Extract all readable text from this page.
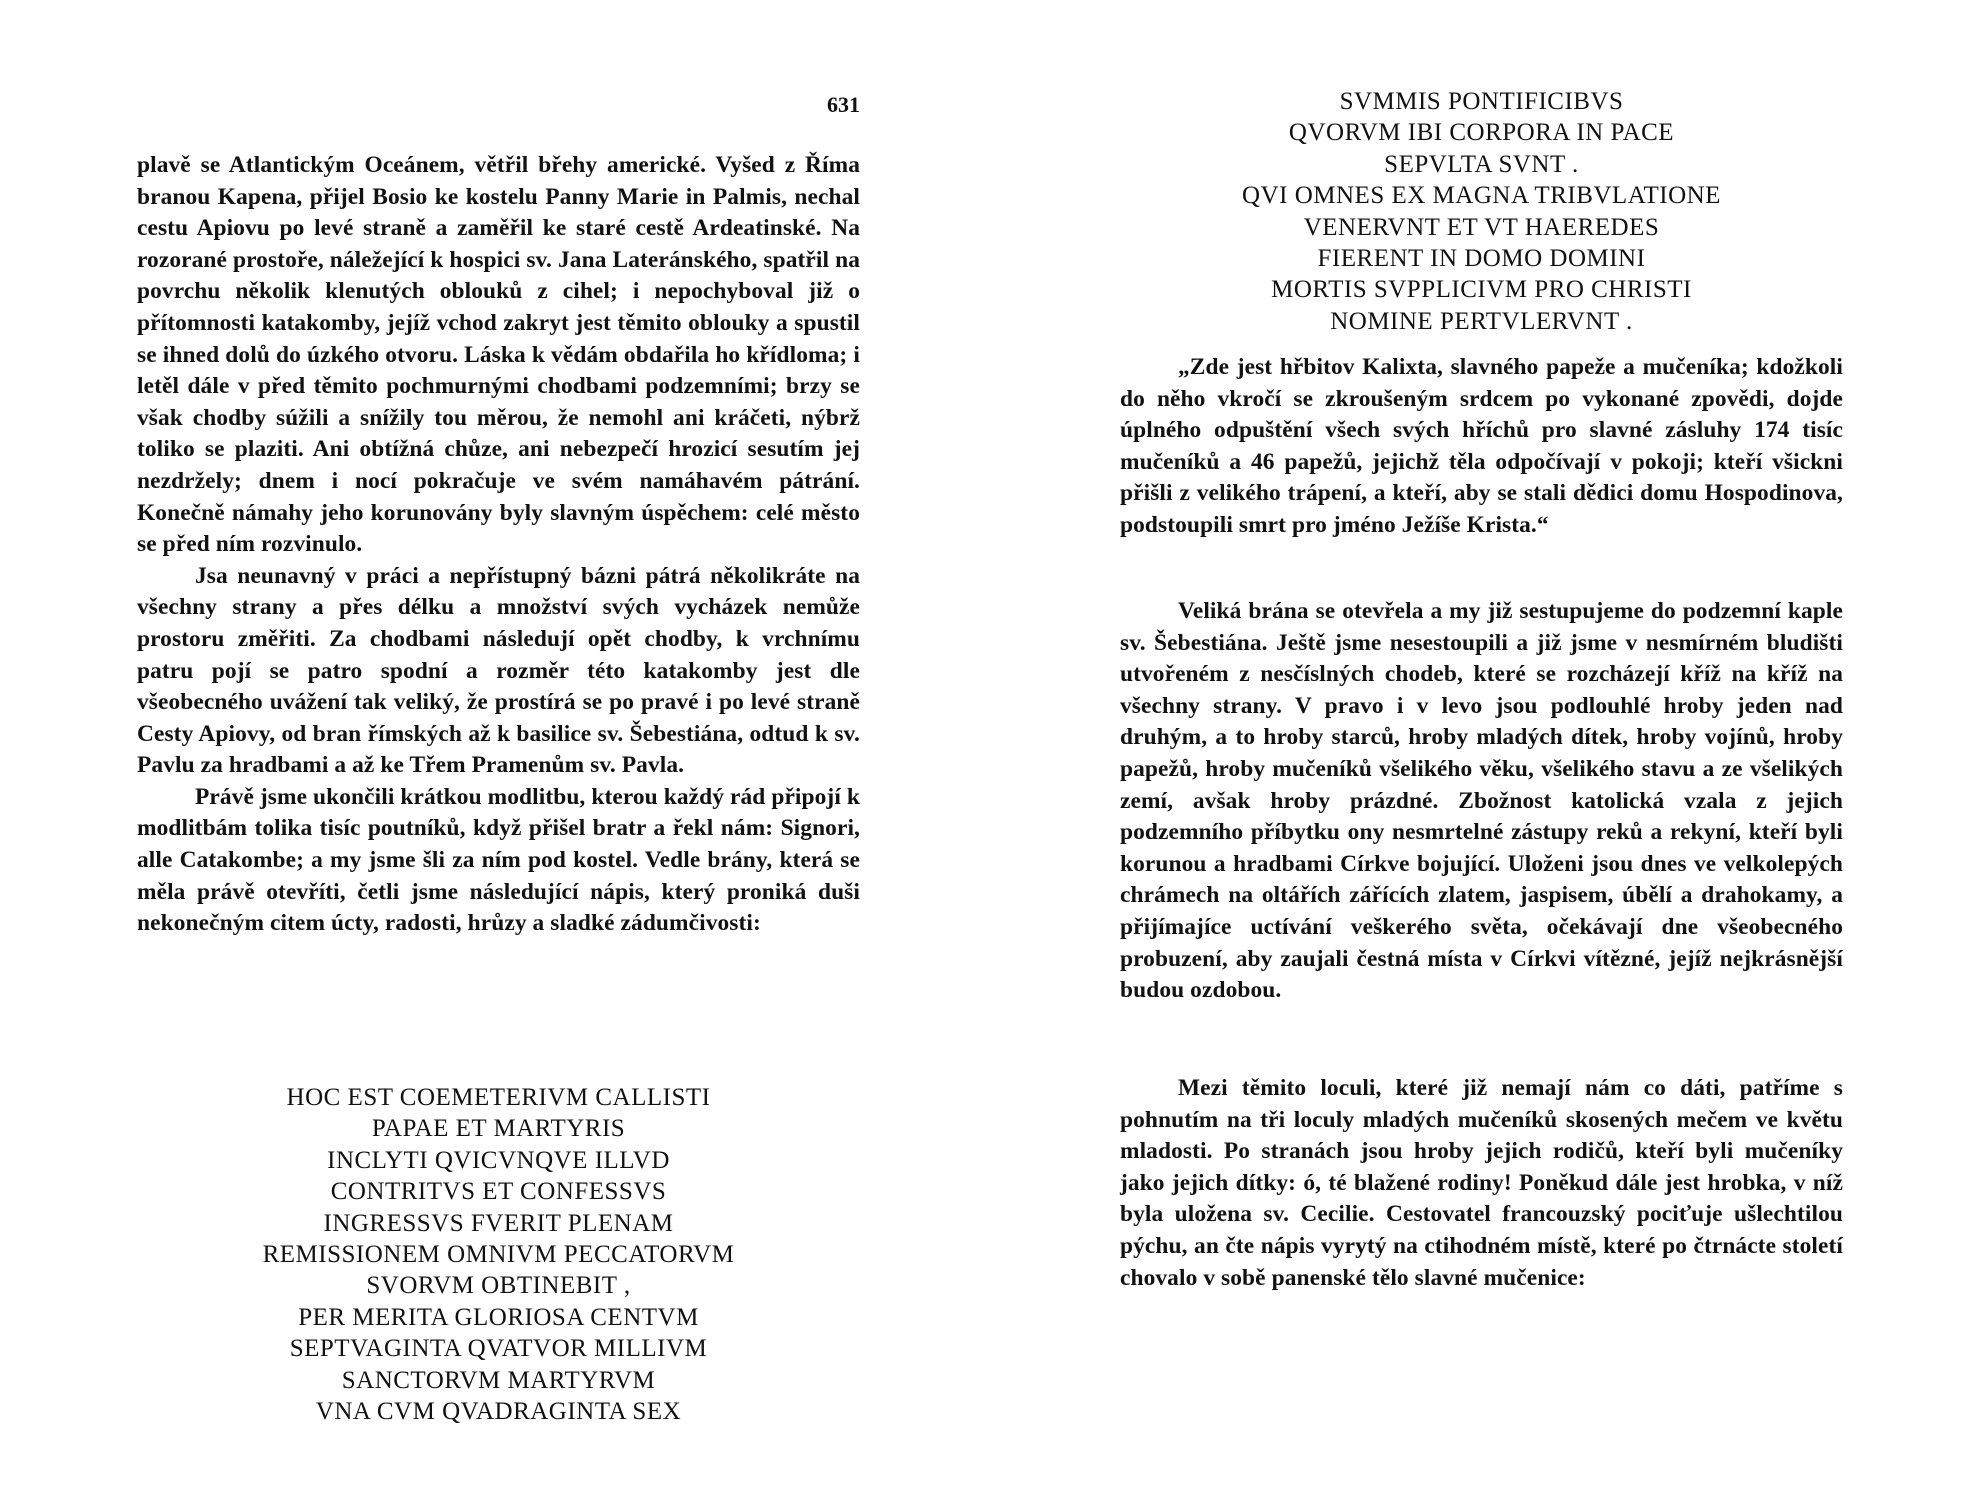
631

plavě se Atlantickým Oceánem, větřil břehy americké. Vyšed z Říma branou Kapena, přijel Bosio ke kostelu Panny Marie in Palmis, nechal cestu Apiovu po levé straně a zaměřil ke staré cestě Ardeatinské. Na rozorané prostoře, náležející k hospici sv. Jana Lateránského, spatřil na povrchu několik klenutých oblouků z cihel; i nepochyboval již o přítomnosti katakomby, jejíž vchod zakryt jest těmito oblouky a spustil se ihned dolů do úzkého otvoru. Láska k vědám obdařila ho křídloma; i letěl dále v před těmito pochmurnými chodbami podzemními; brzy se však chodby súžili a snížily tou měrou, že nemohl ani kráčeti, nýbrž toliko se plaziti. Ani obtížná chůze, ani nebezpečí hrozicí sesutím jej nezdržely; dnem i nocí pokračuje ve svém namáhavém pátrání. Konečně námahy jeho korunovány byly slavným úspěchem: celé město se před ním rozvinulo.

Jsa neunavný v práci a nepřístupný bázni pátrá několikráte na všechny strany a přes délku a množství svých vycházek nemůže prostoru změřiti. Za chodbami následují opět chodby, k vrchnímu patru pojí se patro spodní a rozměr této katakomby jest dle všeobecného uvážení tak veliký, že prostírá se po pravé i po levé straně Cesty Apiovy, od bran římských až k basilice sv. Šebestiána, odtud k sv. Pavlu za hradbami a až ke Třem Pramenům sv. Pavla.

Právě jsme ukončili krátkou modlitbu, kterou každý rád připojí k modlitbám tolika tisíc poutníků, když přišel bratr a řekl nám: Signori, alle Catakombe; a my jsme šli za ním pod kostel. Vedle brány, která se měla právě otevříti, četli jsme následující nápis, který proniká duši nekonečným citem úcty, radosti, hrůzy a sladké zádumčivosti:

HOC EST COEMETERIVM CALLISTI
PAPAE ET MARTYRIS
INCLYTI QVICVNQVE ILLVD
CONTRITVS ET CONFESSVS
INGRESSVS FVERIT PLENAM
REMISSIONEM OMNIVM PECCATORVM
SVORVM OBTINEBIT ,
PER MERITA GLORIOSA CENTVM
SEPTVAGINTA QVATVOR MILLIVM
SANCTORVM MARTYRVM
VNA CVM QVADRAGINTA SEX
SVMMIS PONTIFICIBVS
QVORVM IBI CORPORA IN PACE
SEPVLTA SVNT .
QVI OMNES EX MAGNA TRIBVLATIONE
VENERVNT ET VT HAEREDES
FIERENT IN DOMO DOMINI
MORTIS SVPPLICIVM PRO CHRISTI
NOMINE PERTVLERVNT .

„Zde jest hřbitov Kalixta, slavného papeže a mučeníka; kdožkoli do něho vkročí se zkroušeným srdcem po vykonané zpovědi, dojde úplného odpuštění všech svých hříchů pro slavné zásluhy 174 tisíc mučeníků a 46 papežů, jejichž těla odpočívají v pokoji; kteří všickni přišli z velikého trápení, a kteří, aby se stali dědici domu Hospodinova, podstoupili smrt pro jméno Ježíše Krista.“

Veliká brána se otevřela a my již sestupujeme do podzemní kaple sv. Šebestiána. Ještě jsme nesestoupili a již jsme v nesmírném bludišti utvořeném z nesčíslných chodeb, které se rozcházejí kříž na kříž na všechny strany. V pravo i v levo jsou podlouhlé hroby jeden nad druhým, a to hroby starců, hroby mladých dítek, hroby vojínů, hroby papežů, hroby mučeníků všelikého věku, všelikého stavu a ze všelikých zemí, avšak hroby prázdné. Zbožnost katolická vzala z jejich podzemního příbytku ony nesmrtelné zástupy reků a rekyní, kteří byli korunou a hradbami Církve bojující. Uloženi jsou dnes ve velkolepých chrámech na oltářích zářících zlatem, jaspisem, úbělí a drahokamy, a přijímajíce uctívání veškerého světa, očekávají dne všeobecného probuzení, aby zaujali čestná místa v Církvi vítězné, jejíž nejkrásnější budou ozdobou.

Mezi těmito loculi, které již nemají nám co dáti, patříme s pohnutím na tři loculy mladých mučeníků skosených mečem ve květu mladosti. Po stranách jsou hroby jejich rodičů, kteří byli mučeníky jako jejich dítky: ó, té blažené rodiny! Poněkud dále jest hrobka, v níž byla uložena sv. Cecilie. Cestovatel francouzský pociťuje ušlechtilou pýchu, an čte nápis vyrytý na ctihodném místě, které po čtrnácte století chovalo v sobě panenské tělo slavné mučenice:
